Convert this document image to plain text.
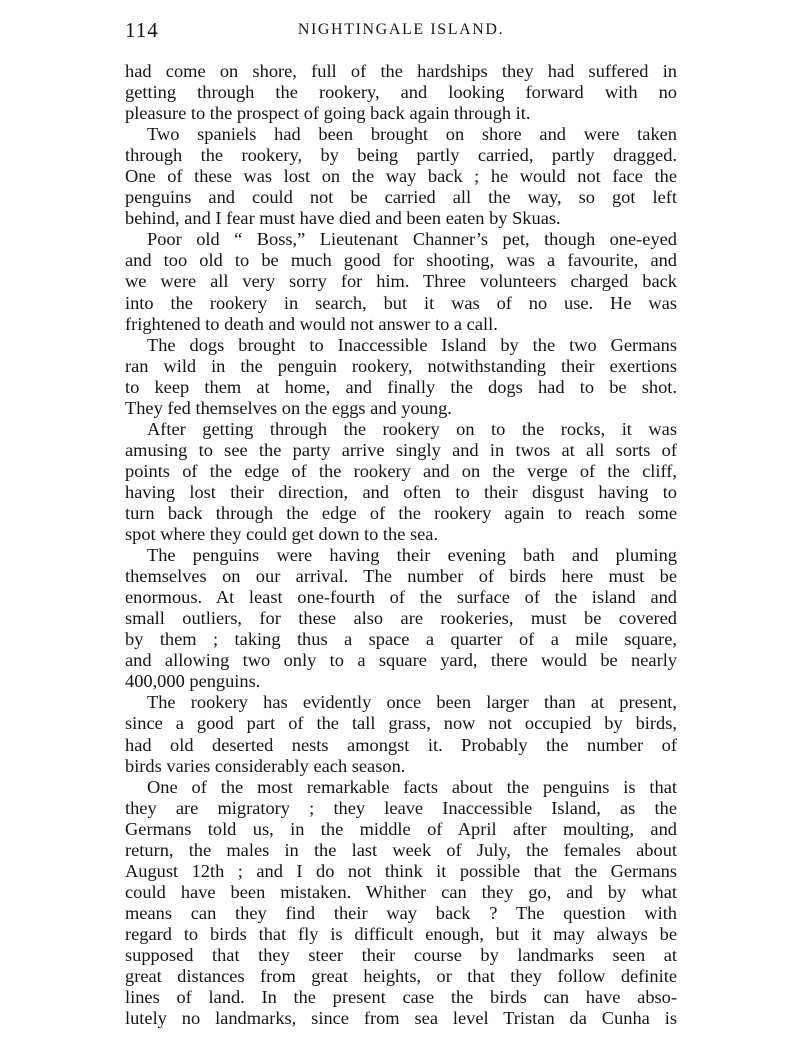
114	NIGHTINGALE ISLAND.
had come on shore, full of the hardships they had suffered in
getting through the rookery, and looking forward with no
pleasure to the prospect of going back again through it.
Two spaniels had been brought on shore and were taken
through the rookery, by being partly carried, partly dragged.
One of these was lost on the way back ; he would not face the
penguins and could not be carried all the way, so got left
behind, and I fear must have died and been eaten by Skuas.
Poor old “ Boss,” Lieutenant Channer’s pet, though one-eyed
and too old to be much good for shooting, was a favourite, and
we were all very sorry for him. Three volunteers charged back
into the rookery in search, but it was of no use. He was
frightened to death and would not answer to a call.
The dogs brought to Inaccessible Island by the two Germans
ran wild in the penguin rookery, notwithstanding their exertions
to keep them at home, and finally the dogs had to be shot.
They fed themselves on the eggs and young.
After getting through the rookery on to the rocks, it was
amusing to see the party arrive singly and in twos at all sorts of
points of the edge of the rookery and on the verge of the cliff,
having lost their direction, and often to their disgust having to
turn back through the edge of the rookery again to reach some
spot where they could get down to the sea.
The penguins were having their evening bath and pluming
themselves on our arrival. The number of birds here must be
enormous. At least one-fourth of the surface of the island and
small outliers, for these also are rookeries, must be covered
by them ; taking thus a space a quarter of a mile square,
and allowing two only to a square yard, there would be nearly
400,000 penguins.
The rookery has evidently once been larger than at present,
since a good part of the tall grass, now not occupied by birds,
had old deserted nests amongst it. Probably the number of
birds varies considerably each season.
One of the most remarkable facts about the penguins is that
they are migratory ; they leave Inaccessible Island, as the
Germans told us, in the middle of April after moulting, and
return, the males in the last week of July, the females about
August 12th ; and I do not think it possible that the Germans
could have been mistaken. Whither can they go, and by what
means can they find their way back ? The question with
regard to birds that fly is difficult enough, but it may always be
supposed that they steer their course by landmarks seen at
great distances from great heights, or that they follow definite
lines of land. In the present case the birds can have abso-
lutely no landmarks, since from sea level Tristan da Cunha is
